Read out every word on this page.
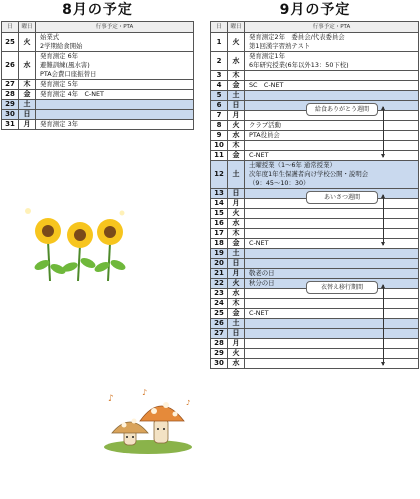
8月の予定	9月の予定
日	曜日	行事予定・PTA
25	火	始業式
2学期給食開始

26	水	発育測定 6年
避難訓練(風水害)
PTA会費口座振替日

27	木	発育測定 5年

28	金	発育測定 4年　C-NET

29	土	

30	日	

31	月	発育測定 3年
日	曜日	行事予定・PTA
1	火	発育測定2年　委員会/代表委員会
第1回漢字習熟テスト

2	水	発育測定1年
6年研究授業(6年以外13：50下校)

3	木	

4	金	SC　C-NET

5	土	

6	日	

7	月	

8	火	クラブ活動

9	水	PTA役員会

10	木	

11	金	C-NET

12	土	土曜授業（1～6年 通常授業）
次年度1年生保護者向け学校公開・説明会
（9：45～10：30）

13	日	

14	月	

15	火	

16	水	

17	木	

18	金	C-NET

19	土	

20	日	

21	月	敬老の日

22	火	秋分の日

23	水	

24	木	

25	金	C-NET

26	土	

27	日	

28	月	

29	火	

30	水	

給食ありがとう週間
あいさつ週間
衣替え移行期間
♪
♪
♪
